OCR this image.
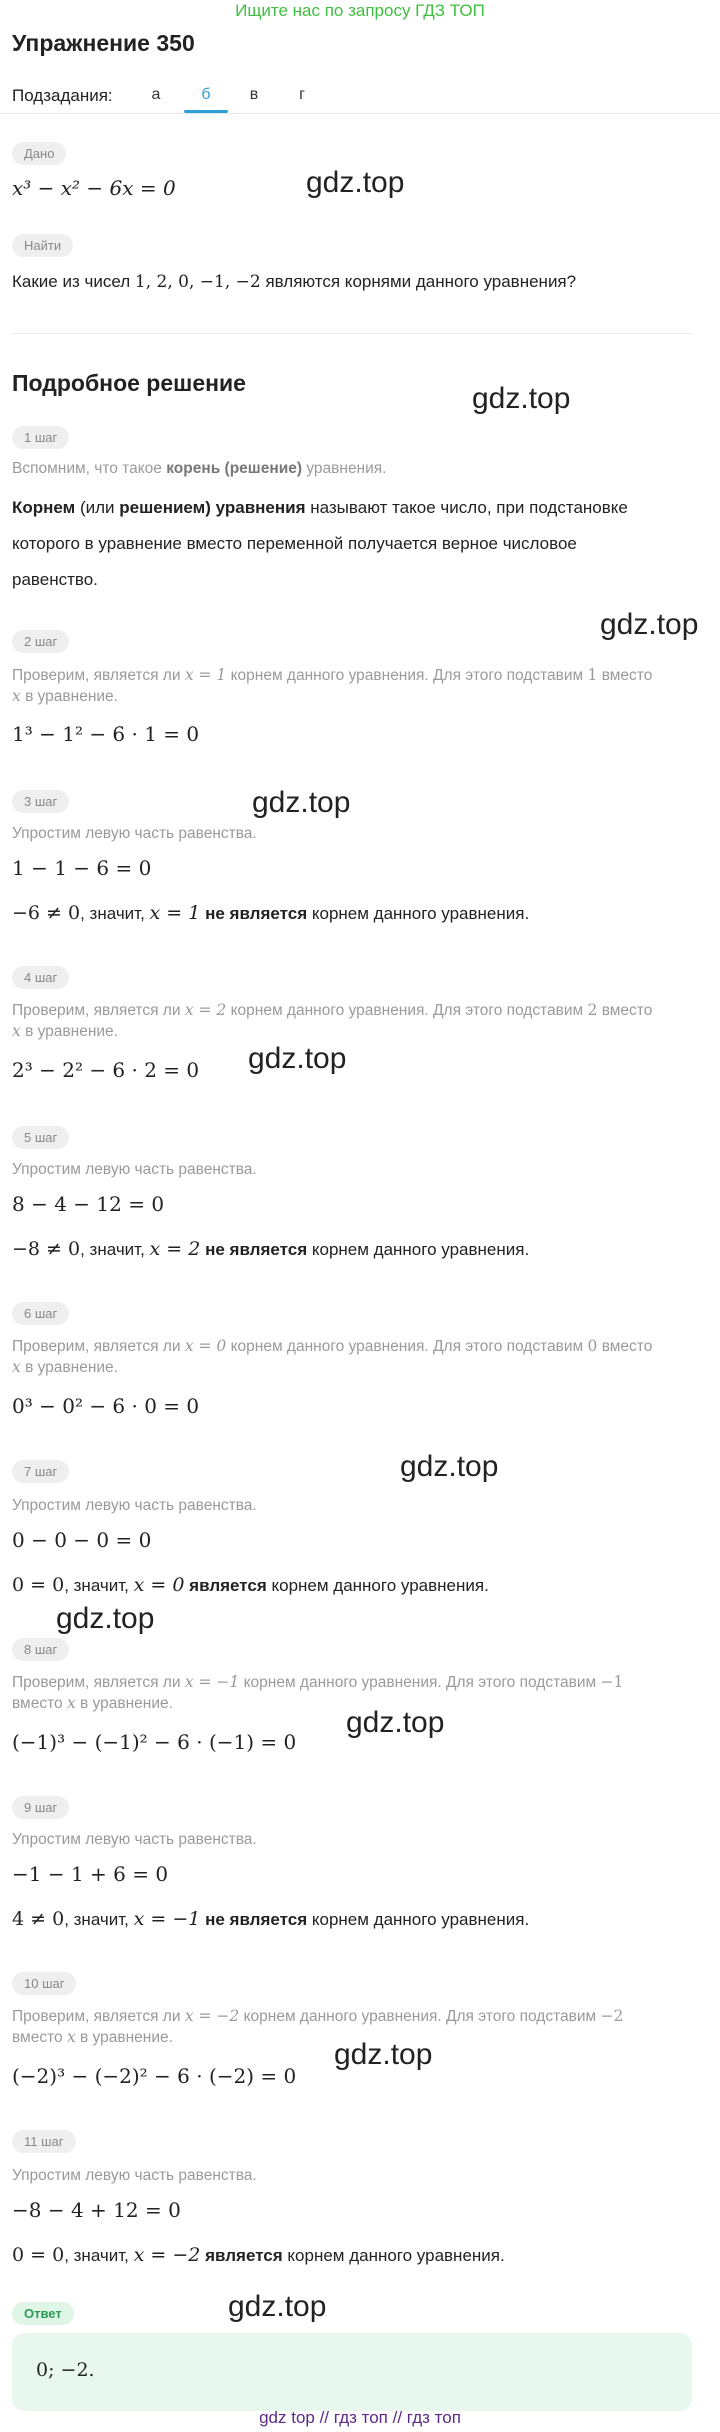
Ищите нас по запросу ГДЗ ТОП
Упражнение 350
Подзадания:	а	б	в	г
Дано
x³ − x² − 6x = 0	gdz.top
Найти
Какие из чисел 1, 2, 0, −1, −2 являются корнями данного уравнения?
Подробное решение	gdz.top
1 шаг
Вспомним, что такое корень (решение) уравнения.
Корнем (или решением) уравнения называют такое число, при подстановке
которого в уравнение вместо переменной получается верное числовое
равенство.
gdz.top
2 шаг
Проверим, является ли x = 1 корнем данного уравнения. Для этого подставим 1 вместо
x в уравнение.
1³ − 1² − 6 · 1 = 0
3 шаг	gdz.top
Упростим левую часть равенства.
1 − 1 − 6 = 0
−6 ≠ 0, значит, x = 1 не является корнем данного уравнения.
4 шаг
Проверим, является ли x = 2 корнем данного уравнения. Для этого подставим 2 вместо
x в уравнение.
gdz.top
2³ − 2² − 6 · 2 = 0
5 шаг
Упростим левую часть равенства.
8 − 4 − 12 = 0
−8 ≠ 0, значит, x = 2 не является корнем данного уравнения.
6 шаг
Проверим, является ли x = 0 корнем данного уравнения. Для этого подставим 0 вместо
x в уравнение.
0³ − 0² − 6 · 0 = 0
7 шаг	gdz.top
Упростим левую часть равенства.
0 − 0 − 0 = 0
0 = 0, значит, x = 0 является корнем данного уравнения.
gdz.top
8 шаг
Проверим, является ли x = −1 корнем данного уравнения. Для этого подставим −1
вместо x в уравнение.
gdz.top
(−1)³ − (−1)² − 6 · (−1) = 0
9 шаг
Упростим левую часть равенства.
−1 − 1 + 6 = 0
4 ≠ 0, значит, x = −1 не является корнем данного уравнения.
10 шаг
Проверим, является ли x = −2 корнем данного уравнения. Для этого подставим −2
вместо x в уравнение.
gdz.top
(−2)³ − (−2)² − 6 · (−2) = 0
11 шаг
Упростим левую часть равенства.
−8 − 4 + 12 = 0
0 = 0, значит, x = −2 является корнем данного уравнения.
Ответ	gdz.top
0; −2.
gdz top // гдз топ // гдз топ
